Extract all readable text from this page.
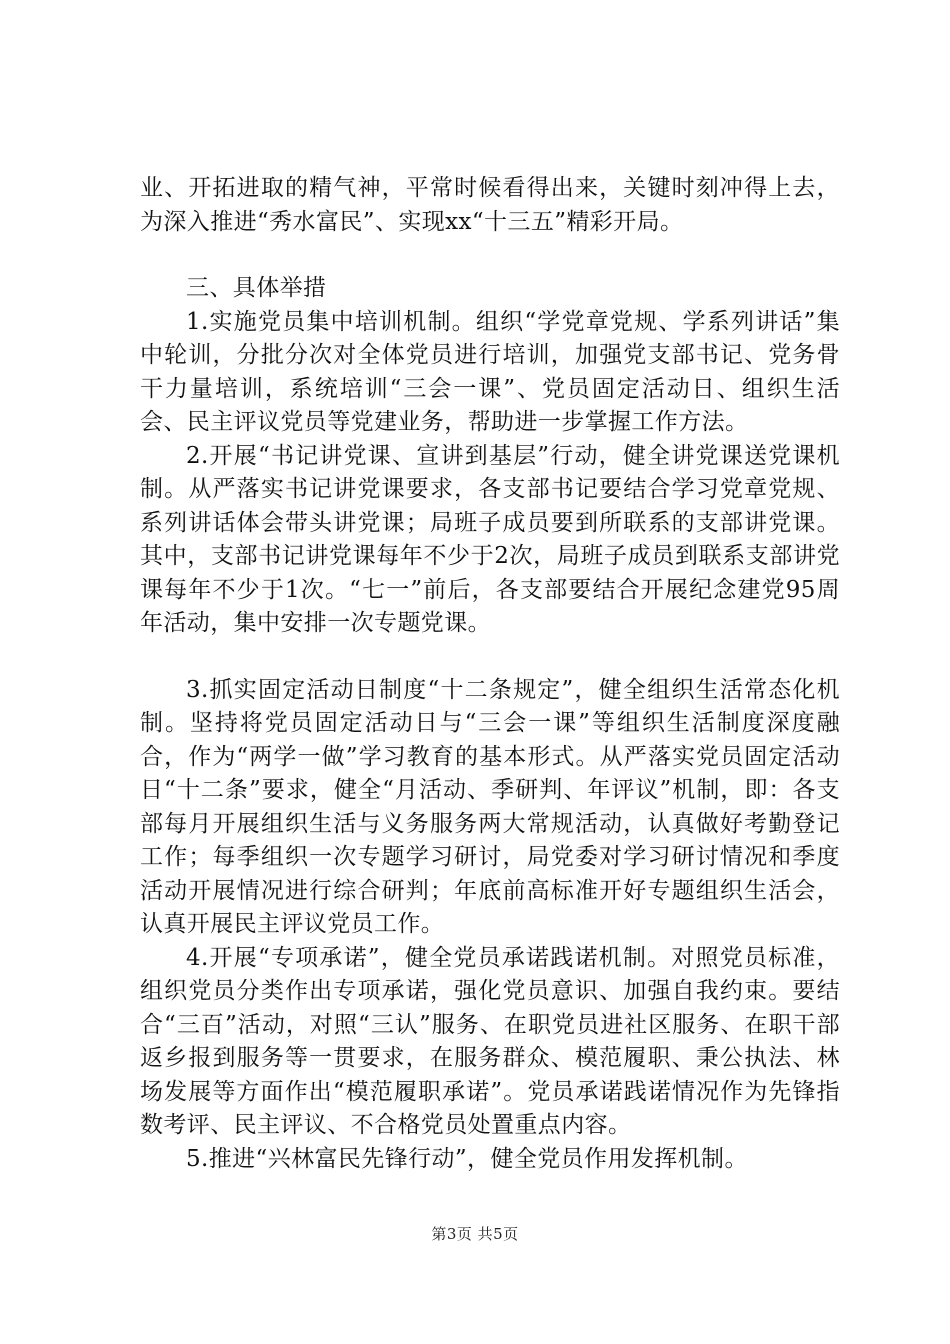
业、开拓进取的精气神，平常时候看得出来，关键时刻冲得上去，为深入推进“秀水富民”、实现xx“十三五”精彩开局。

三、具体举措

1.实施党员集中培训机制。组织“学党章党规、学系列讲话”集中轮训，分批分次对全体党员进行培训，加强党支部书记、党务骨干力量培训，系统培训“三会一课”、党员固定活动日、组织生活会、民主评议党员等党建业务，帮助进一步掌握工作方法。

2.开展“书记讲党课、宣讲到基层”行动，健全讲党课送党课机制。从严落实书记讲党课要求，各支部书记要结合学习党章党规、系列讲话体会带头讲党课；局班子成员要到所联系的支部讲党课。其中，支部书记讲党课每年不少于2次，局班子成员到联系支部讲党课每年不少于1次。“七一”前后，各支部要结合开展纪念建党95周年活动，集中安排一次专题党课。

3.抓实固定活动日制度“十二条规定”，健全组织生活常态化机制。坚持将党员固定活动日与“三会一课”等组织生活制度深度融合，作为“两学一做”学习教育的基本形式。从严落实党员固定活动日“十二条”要求，健全“月活动、季研判、年评议”机制，即：各支部每月开展组织生活与义务服务两大常规活动，认真做好考勤登记工作；每季组织一次专题学习研讨，局党委对学习研讨情况和季度活动开展情况进行综合研判；年底前高标准开好专题组织生活会，认真开展民主评议党员工作。

4.开展“专项承诺”，健全党员承诺践诺机制。对照党员标准，组织党员分类作出专项承诺，强化党员意识、加强自我约束。要结合“三百”活动，对照“三认”服务、在职党员进社区服务、在职干部返乡报到服务等一贯要求，在服务群众、模范履职、秉公执法、林场发展等方面作出“模范履职承诺”。党员承诺践诺情况作为先锋指数考评、民主评议、不合格党员处置重点内容。

5.推进“兴林富民先锋行动”，健全党员作用发挥机制。

第3页 共5页
